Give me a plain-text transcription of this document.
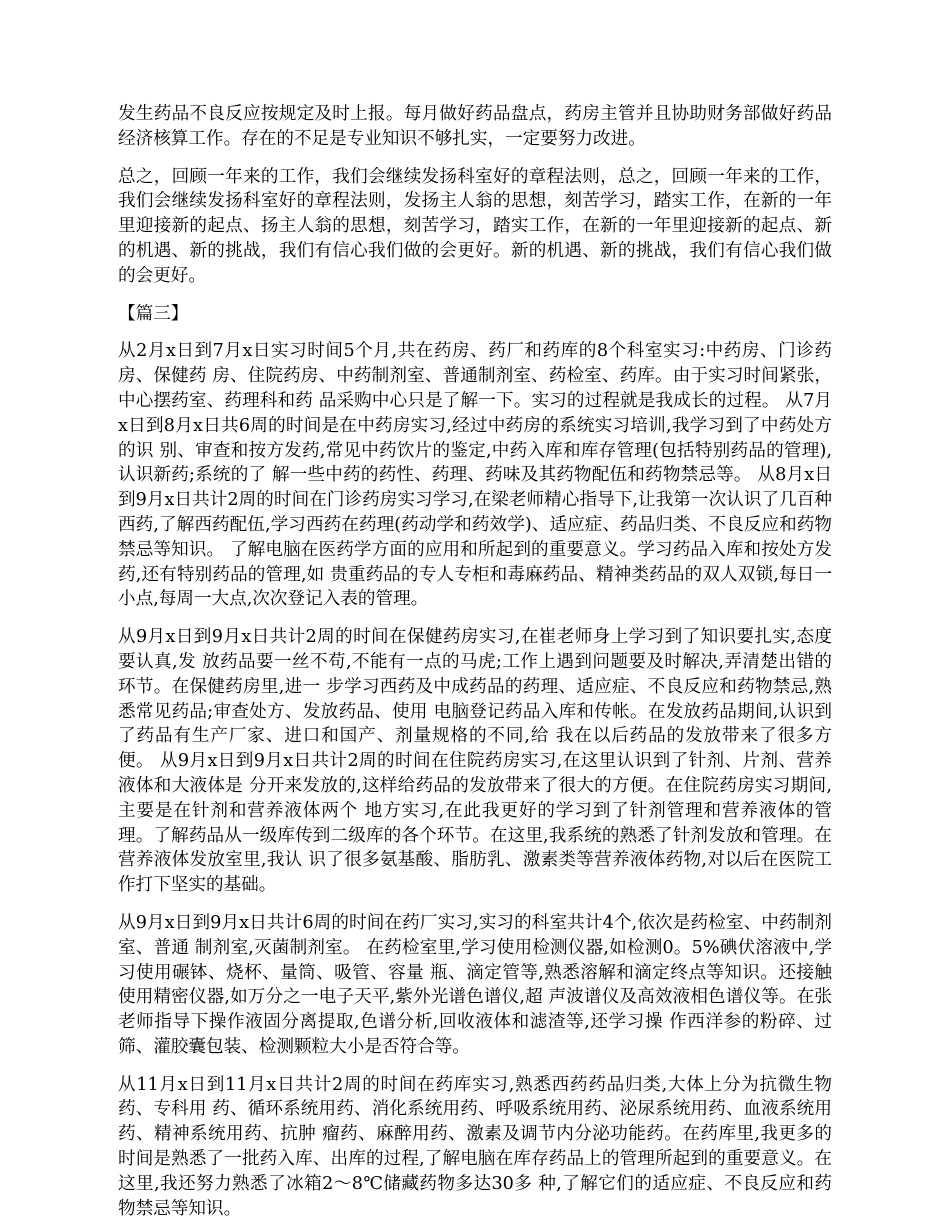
发生药品不良反应按规定及时上报。每月做好药品盘点，药房主管并且协助财务部做好药品经济核算工作。存在的不足是专业知识不够扎实，一定要努力改进。

总之，回顾一年来的工作，我们会继续发扬科室好的章程法则，总之，回顾一年来的工作，我们会继续发扬科室好的章程法则，发扬主人翁的思想，刻苦学习，踏实工作，在新的一年里迎接新的起点、扬主人翁的思想，刻苦学习，踏实工作，在新的一年里迎接新的起点、新的机遇、新的挑战，我们有信心我们做的会更好。新的机遇、新的挑战，我们有信心我们做的会更好。

【篇三】

从2月x日到7月x日实习时间5个月,共在药房、药厂和药库的8个科室实习:中药房、门诊药房、保健药 房、住院药房、中药制剂室、普通制剂室、药检室、药库。由于实习时间紧张，中心摆药室、药理科和药 品采购中心只是了解一下。实习的过程就是我成长的过程。 从7月x日到8月x日共6周的时间是在中药房实习,经过中药房的系统实习培训,我学习到了中药处方的识 别、审查和按方发药,常见中药饮片的鉴定,中药入库和库存管理(包括特别药品的管理),认识新药;系统的了 解一些中药的药性、药理、药味及其药物配伍和药物禁忌等。 从8月x日到9月x日共计2周的时间在门诊药房实习学习,在梁老师精心指导下,让我第一次认识了几百种 西药,了解西药配伍,学习西药在药理(药动学和药效学)、适应症、药品归类、不良反应和药物禁忌等知识。 了解电脑在医药学方面的应用和所起到的重要意义。学习药品入库和按处方发药,还有特别药品的管理,如 贵重药品的专人专柜和毒麻药品、精神类药品的双人双锁,每日一小点,每周一大点,次次登记入表的管理。

从9月x日到9月x日共计2周的时间在保健药房实习,在崔老师身上学习到了知识要扎实,态度要认真,发 放药品要一丝不苟,不能有一点的马虎;工作上遇到问题要及时解决,弄清楚出错的环节。在保健药房里,进一 步学习西药及中成药品的药理、适应症、不良反应和药物禁忌,熟悉常见药品;审查处方、发放药品、使用 电脑登记药品入库和传帐。在发放药品期间,认识到了药品有生产厂家、进口和国产、剂量规格的不同,给 我在以后药品的发放带来了很多方便。 从9月x日到9月x日共计2周的时间在住院药房实习,在这里认识到了针剂、片剂、营养液体和大液体是 分开来发放的,这样给药品的发放带来了很大的方便。在住院药房实习期间,主要是在针剂和营养液体两个 地方实习,在此我更好的学习到了针剂管理和营养液体的管理。了解药品从一级库传到二级库的各个环节。在这里,我系统的熟悉了针剂发放和管理。在营养液体发放室里,我认 识了很多氨基酸、脂肪乳、激素类等营养液体药物,对以后在医院工作打下坚实的基础。

从9月x日到9月x日共计6周的时间在药厂实习,实习的科室共计4个,依次是药检室、中药制剂室、普通 制剂室,灭菌制剂室。 在药检室里,学习使用检测仪器,如检测0。5%碘伏溶液中,学习使用碾钵、烧杯、量筒、吸管、容量 瓶、滴定管等,熟悉溶解和滴定终点等知识。还接触使用精密仪器,如万分之一电子天平,紫外光谱色谱仪,超 声波谱仪及高效液相色谱仪等。在张老师指导下操作液固分离提取,色谱分析,回收液体和滤渣等,还学习操 作西洋参的粉碎、过筛、灌胶囊包装、检测颗粒大小是否符合等。

从11月x日到11月x日共计2周的时间在药库实习,熟悉西药药品归类,大体上分为抗微生物药、专科用 药、循环系统用药、消化系统用药、呼吸系统用药、泌尿系统用药、血液系统用药、精神系统用药、抗肿 瘤药、麻醉用药、激素及调节内分泌功能药。在药库里,我更多的时间是熟悉了一批药入库、出库的过程,了解电脑在库存药品上的管理所起到的重要意义。在这里,我还努力熟悉了冰箱2～8℃储藏药物多达30多 种,了解它们的适应症、不良反应和药物禁忌等知识。
